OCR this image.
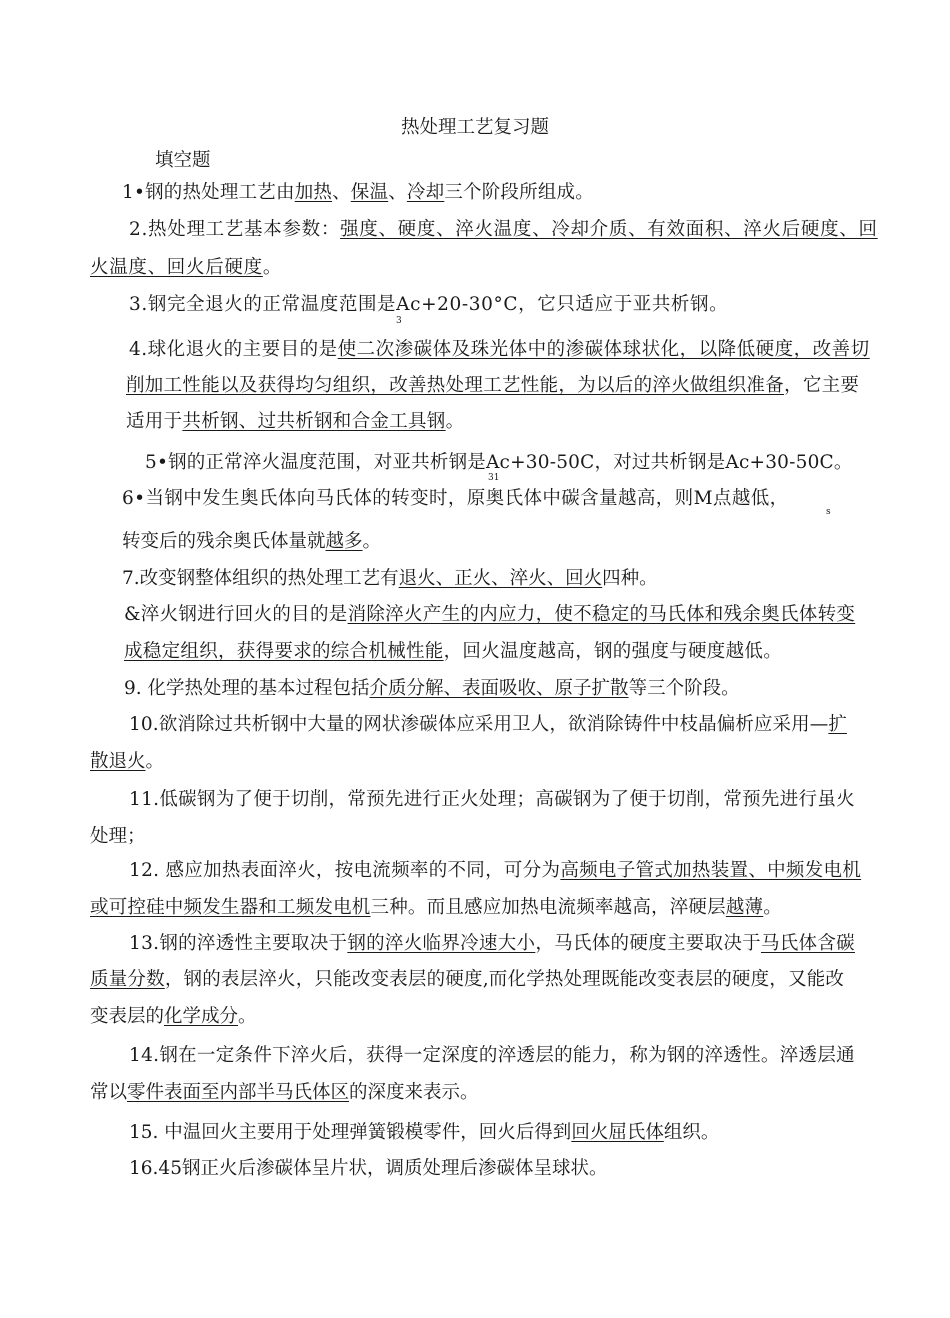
热处理工艺复习题
填空题
1•钢的热处理工艺由加热、保温、冷却三个阶段所组成。
2.热处理工艺基本参数：强度、硬度、淬火温度、冷却介质、有效面积、淬火后硬度、回
火温度、回火后硬度。
3.钢完全退火的正常温度范围是Ac+20-30°C，它只适应于亚共析钢。
3
4.球化退火的主要目的是使二次渗碳体及珠光体中的渗碳体球状化，以降低硬度，改善切
削加工性能以及获得均匀组织，改善热处理工艺性能，为以后的淬火做组织准备，它主要
适用于共析钢、过共析钢和合金工具钢。
5•钢的正常淬火温度范围，对亚共析钢是Ac+30-50C，对过共析钢是Ac+30-50C。
31
6•当钢中发生奥氏体向马氏体的转变时，原奥氏体中碳含量越高，则M点越低，
s
转变后的残余奥氏体量就越多。
7.改变钢整体组织的热处理工艺有退火、正火、淬火、回火四种。
&淬火钢进行回火的目的是消除淬火产生的内应力，使不稳定的马氏体和残余奥氏体转变
成稳定组织，获得要求的综合机械性能，回火温度越高，钢的强度与硬度越低。
9. 化学热处理的基本过程包括介质分解、表面吸收、原子扩散等三个阶段。
10.欲消除过共析钢中大量的网状渗碳体应采用卫人，欲消除铸件中枝晶偏析应采用—扩
散退火。
11.低碳钢为了便于切削，常预先进行正火处理；高碳钢为了便于切削，常预先进行虽火
处理；
12. 感应加热表面淬火，按电流频率的不同，可分为高频电子管式加热装置、中频发电机
或可控硅中频发生器和工频发电机三种。而且感应加热电流频率越高，淬硬层越薄。
13.钢的淬透性主要取决于钢的淬火临界冷速大小，马氏体的硬度主要取决于马氏体含碳
质量分数，钢的表层淬火，只能改变表层的硬度,而化学热处理既能改变表层的硬度，又能改
变表层的化学成分。
14.钢在一定条件下淬火后，获得一定深度的淬透层的能力，称为钢的淬透性。淬透层通
常以零件表面至内部半马氏体区的深度来表示。
15. 中温回火主要用于处理弹簧锻模零件，回火后得到回火屈氏体组织。
16.45钢正火后渗碳体呈片状，调质处理后渗碳体呈球状。
